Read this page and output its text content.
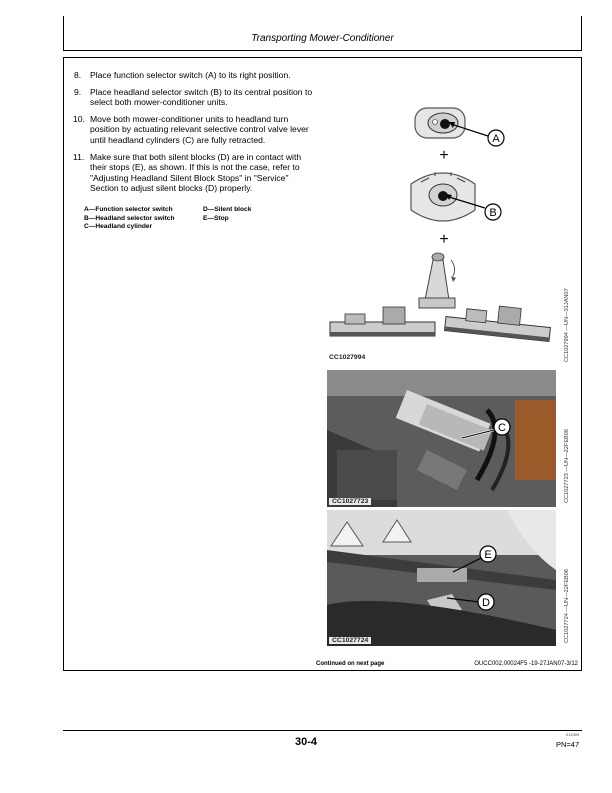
Transporting Mower-Conditioner
8. Place function selector switch (A) to its right position.
9. Place headland selector switch (B) to its central position to select both mower-conditioner units.
10. Move both mower-conditioner units to headland turn position by actuating relevant selective control valve lever until headland cylinders (C) are fully retracted.
11. Make sure that both silent blocks (D) are in contact with their stops (E), as shown. If this is not the case, refer to "Adjusting Headland Silent Block Stops" in "Service" Section to adjust silent blocks (D) properly.
A—Function selector switch
B—Headland selector switch
C—Headland cylinder
D—Silent block
E—Stop
A
+
B
+
CC1027994	CC1027994 —UN—31JAN07
C
CC1027723	CC1027723 —UN—22FEB06
E
D
CC1027724	CC1027724 —UN—22FEB06
Continued on next page	OUCC002,00024F5 -19-27JAN07-3/12
30-4
012309
PN=47
